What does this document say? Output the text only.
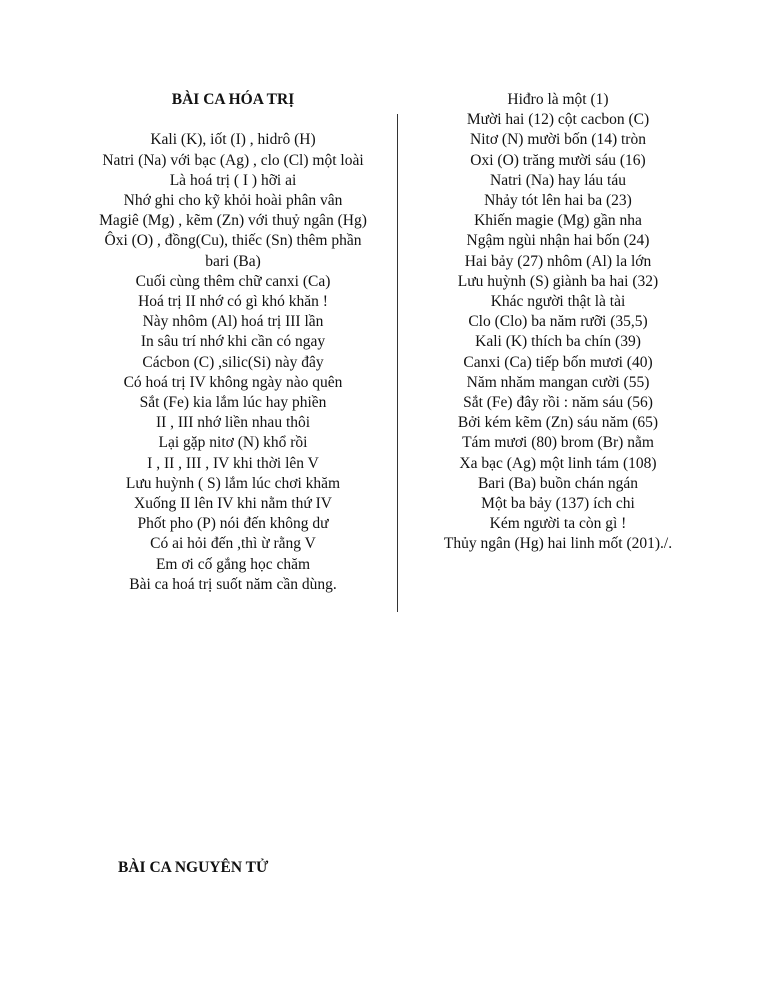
BÀI CA HÓA TRỊ
Kali (K), iốt (I) , hidrô (H)
Natri (Na) với bạc (Ag) , clo (Cl) một loài
Là hoá trị ( I ) hỡi ai
Nhớ ghi cho kỹ khỏi hoài phân vân
Magiê (Mg) , kẽm (Zn) với thuỷ ngân (Hg)
Ôxi (O) , đồng(Cu), thiếc (Sn) thêm phần
bari (Ba)
Cuối cùng thêm chữ canxi (Ca)
Hoá trị II nhớ có gì khó khăn !
Này nhôm (Al) hoá trị III lần
In sâu trí nhớ khi cần có ngay
Cácbon (C) ,silic(Si) này đây
Có hoá trị IV không ngày nào quên
Sắt (Fe) kia lắm lúc hay phiền
II , III nhớ liền nhau thôi
Lại gặp nitơ (N) khổ rồi
I , II , III , IV khi thời lên V
Lưu huỳnh ( S) lắm lúc chơi khăm
Xuống II lên IV khi nằm thứ IV
Phốt pho (P) nói đến không dư
Có ai hỏi đến ,thì ừ rằng V
Em ơi cố gắng học chăm
Bài ca hoá trị suốt năm cần dùng.
Hiđro là một (1)
Mười hai (12) cột cacbon (C)
Nitơ (N) mười bốn (14) tròn
Oxi (O) trăng mười sáu (16)
Natri (Na) hay láu táu
Nhảy tót lên hai ba (23)
Khiến magie (Mg) gần nha
Ngậm ngùi nhận hai bốn (24)
Hai bảy (27) nhôm (Al) la lớn
Lưu huỳnh (S) giành ba hai (32)
Khác người thật là tài
Clo (Clo) ba năm rưỡi (35,5)
Kali (K) thích ba chín (39)
Canxi (Ca) tiếp bốn mươi (40)
Năm nhăm mangan cười (55)
Sắt (Fe) đây rồi : năm sáu (56)
Bởi kém kẽm (Zn) sáu năm (65)
Tám mươi (80) brom (Br) nằm
Xa bạc (Ag) một linh tám (108)
Bari (Ba) buồn chán ngán
Một ba bảy (137) ích chi
Kém người ta còn gì !
Thủy ngân (Hg) hai linh mốt (201)./.
BÀI CA NGUYÊN TỬ
